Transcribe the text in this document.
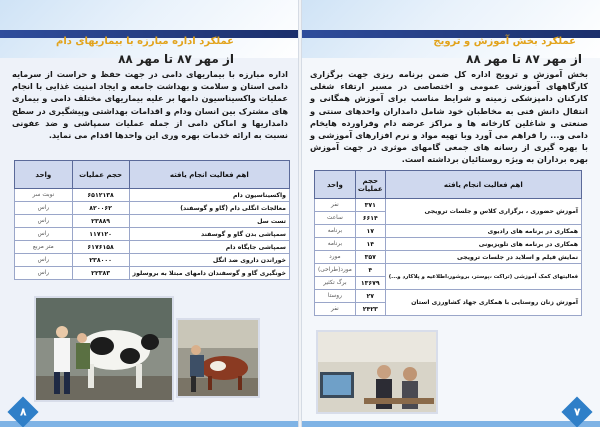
عملکرد اداره مبارزه با بیماریهای دام
از مهر ۸۷ تا مهر ۸۸
اداره مبارزه با بیماریهای دامی در جهت حفظ و حراست از سرمایه دامی استان و سلامت و بهداشت جامعه و ایجاد امنیت غذایی با انجام عملیات واکسیناسیون دامها بر علیه بیماریهای مختلف دامی و بیماری های مشترک بین انسان ودام و اقدامات بهداشتی وپیشگیری در سطح دامداریها و اماکن دامی از جمله عملیات سمپاشی و ضد عفونی نسبت به ارائه خدمات بهره وری این واحدها اقدام می نماید.
اهم فعالیت انجام یافته	حجم عملیات	واحد
واکسیناسیون دام	۶۵۱۲۱۳۸	نوبت سر
معالجات انگلی دام (گاو و گوسفند)	۸۲۰۰۶۲	راس
تست سل	۲۳۸۸۹	راس
سمپاشی بدن گاو و گوسفند	۱۱۷۱۲۰	راس
سمپاشی جایگاه دام	۶۱۷۶۱۵۸	متر مربع
خوراندن داروی ضد انگل	۲۳۸۰۰۰	راس
خونگیری گاو و گوسفندان دامهای مبتلا به بروسلوز	۲۲۳۸۳	راس
۸
عملکرد بخش آموزش و ترویج
از مهر ۸۷ تا مهر ۸۸
بخش آموزش و ترویج اداره کل ضمن برنامه ریزی جهت برگزاری کارگاههای آموزشی عمومی و اختصاصی در مسیر ارتقاء شغلی کارکنان دامپزشکی زمینه و شرایط مناسب برای آموزش همگانی و انتقال دانش فنی به مخاطبان خود شامل دامداران واحدهای سنتی و صنعتی و شاغلین کارخانه ها و مراکز عرضه دام وفراورده هایخام دامی و... را فراهم می آورد وبا تهیه مواد و نرم افزارهای آموزشی و با بهره گیری از رسانه های جمعی گامهای موثری در جهت آموزش بهره برداران به ویژه روستائیان برداشته است.
اهم فعالیت انجام یافته	حجم عملیات	واحد
آموزش حضوری ، برگزاری کلاس و جلسات ترویجی	۳۷۱	نفر
	۶۶۱۴	ساعت
همکاری در برنامه های رادیوی	۱۷	برنامه
همکاری در برنامه های تلویزیونی	۱۴	برنامه
نمایش فیلم و اسلاید در جلسات ترویجی	۳۵۷	مورد
فعالیتهای کمک آموزشی (تراکت ،پوستر، بروشور،اطلاعیه و پلاکارد و...)	۴	مورد(طراحی)
	۱۳۶۷۹	برگ تکثیر
آموزش زنان روستایی با همکاری جهاد کشاورزی استان	۲۷	روستا
	۲۴۲۳	نفر
۷
